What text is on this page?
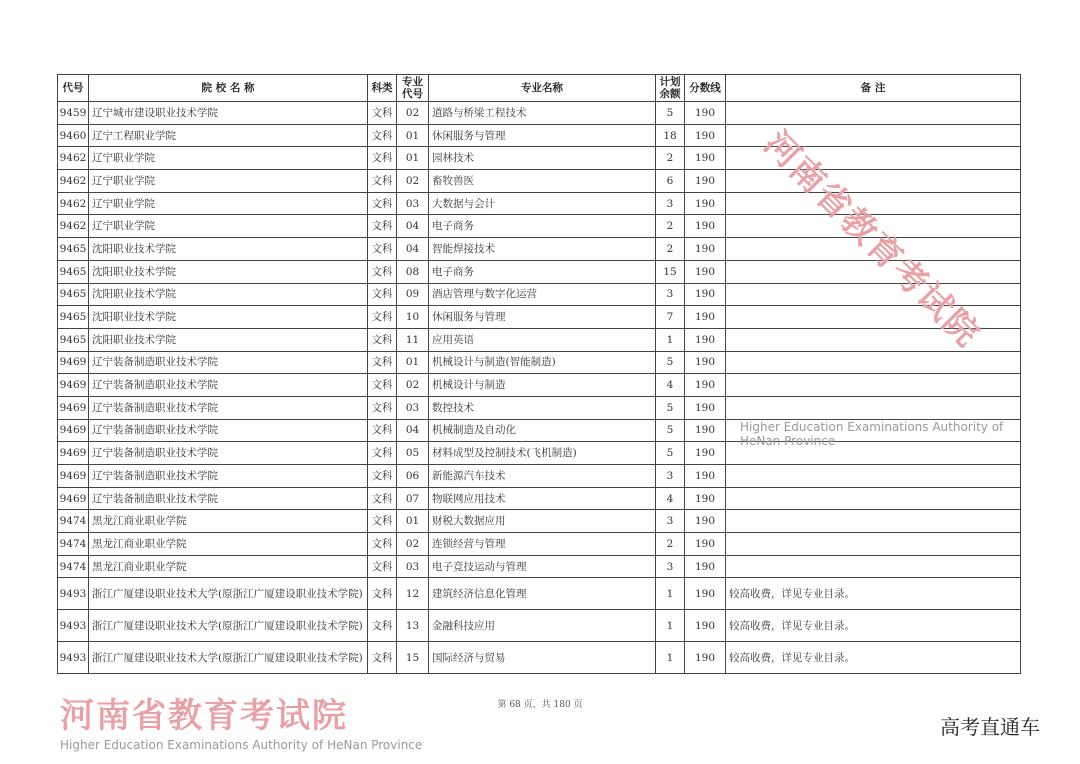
代号	院 校 名 称	科类	专业代号	专业名称	计划余额	分数线	备 注
9459	辽宁城市建设职业技术学院	文科	02	道路与桥梁工程技术	5	190	
9460	辽宁工程职业学院	文科	01	休闲服务与管理	18	190	
9462	辽宁职业学院	文科	01	园林技术	2	190	
9462	辽宁职业学院	文科	02	畜牧兽医	6	190	
9462	辽宁职业学院	文科	03	大数据与会计	3	190	
9462	辽宁职业学院	文科	04	电子商务	2	190	
9465	沈阳职业技术学院	文科	04	智能焊接技术	2	190	
9465	沈阳职业技术学院	文科	08	电子商务	15	190	
9465	沈阳职业技术学院	文科	09	酒店管理与数字化运营	3	190	
9465	沈阳职业技术学院	文科	10	休闲服务与管理	7	190	
9465	沈阳职业技术学院	文科	11	应用英语	1	190	
9469	辽宁装备制造职业技术学院	文科	01	机械设计与制造(智能制造)	5	190	
9469	辽宁装备制造职业技术学院	文科	02	机械设计与制造	4	190	
9469	辽宁装备制造职业技术学院	文科	03	数控技术	5	190	
9469	辽宁装备制造职业技术学院	文科	04	机械制造及自动化	5	190	
9469	辽宁装备制造职业技术学院	文科	05	材料成型及控制技术(飞机制造)	5	190	
9469	辽宁装备制造职业技术学院	文科	06	新能源汽车技术	3	190	
9469	辽宁装备制造职业技术学院	文科	07	物联网应用技术	4	190	
9474	黑龙江商业职业学院	文科	01	财税大数据应用	3	190	
9474	黑龙江商业职业学院	文科	02	连锁经营与管理	2	190	
9474	黑龙江商业职业学院	文科	03	电子竞技运动与管理	3	190	
9493	浙江广厦建设职业技术大学(原浙江广厦建设职业技术学院)	文科	12	建筑经济信息化管理	1	190	较高收费，详见专业目录。
9493	浙江广厦建设职业技术大学(原浙江广厦建设职业技术学院)	文科	13	金融科技应用	1	190	较高收费，详见专业目录。
9493	浙江广厦建设职业技术大学(原浙江广厦建设职业技术学院)	文科	15	国际经济与贸易	1	190	较高收费，详见专业目录。
河南省教育考试院
Higher Education Examinations Authority of HeNan Province
河南省教育考试院
Higher Education Examinations Authority of HeNan Province
第 68 页，共 180 页
高考直通车
